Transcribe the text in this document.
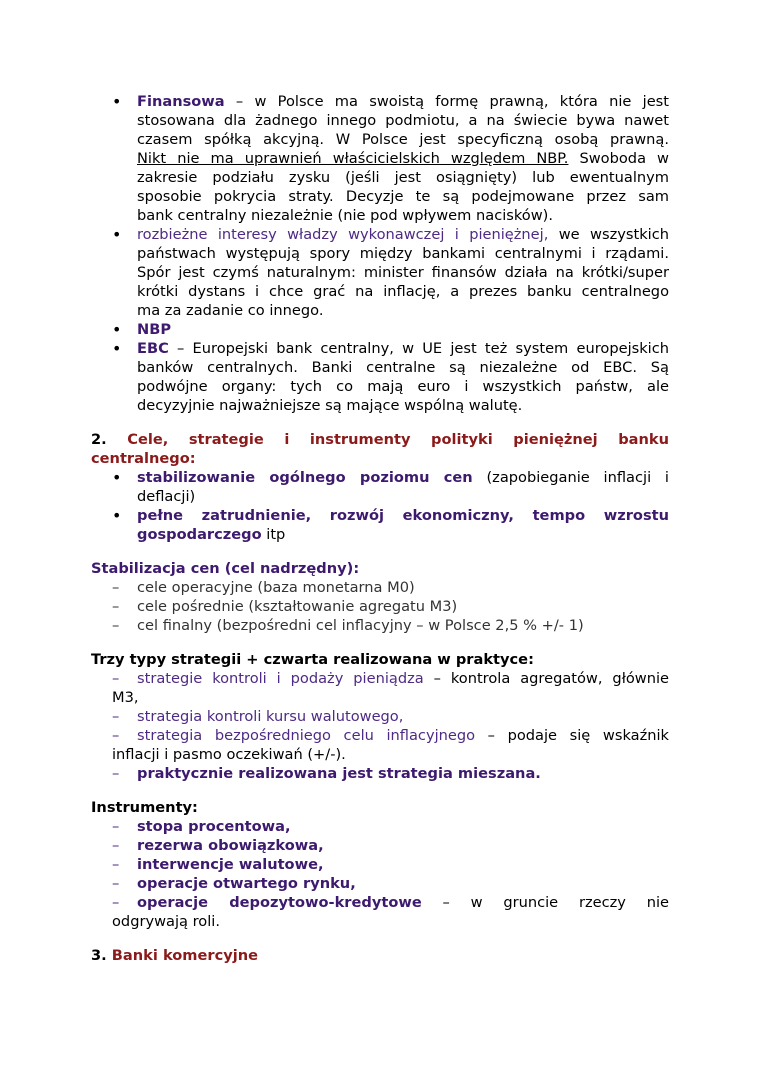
• Finansowa – w Polsce ma swoistą formę prawną, która nie jest
stosowana dla żadnego innego podmiotu, a na świecie bywa nawet
czasem spółką akcyjną. W Polsce jest specyficzną osobą prawną.
Nikt nie ma uprawnień właścicielskich względem NBP. Swoboda w
zakresie podziału zysku (jeśli jest osiągnięty) lub ewentualnym
sposobie pokrycia straty. Decyzje te są podejmowane przez sam
bank centralny niezależnie (nie pod wpływem nacisków).
• rozbieżne interesy władzy wykonawczej i pieniężnej, we wszystkich
państwach występują spory między bankami centralnymi i rządami.
Spór jest czymś naturalnym: minister finansów działa na krótki/super
krótki dystans i chce grać na inflację, a prezes banku centralnego
ma za zadanie co innego.
• NBP
• EBC – Europejski bank centralny, w UE jest też system europejskich
banków centralnych. Banki centralne są niezależne od EBC. Są
podwójne organy: tych co mają euro i wszystkich państw, ale
decyzyjnie najważniejsze są mające wspólną walutę.
2. Cele, strategie i instrumenty polityki pieniężnej banku
centralnego:
• stabilizowanie ogólnego poziomu cen (zapobieganie inflacji i
deflacji)
• pełne zatrudnienie, rozwój ekonomiczny, tempo wzrostu
gospodarczego itp
Stabilizacja cen (cel nadrzędny):
– cele operacyjne (baza monetarna M0)
– cele pośrednie (kształtowanie agregatu M3)
– cel finalny (bezpośredni cel inflacyjny – w Polsce 2,5 % +/- 1)
Trzy typy strategii + czwarta realizowana w praktyce:
– strategie kontroli i podaży pieniądza – kontrola agregatów, głównie
M3,
– strategia kontroli kursu walutowego,
– strategia bezpośredniego celu inflacyjnego – podaje się wskaźnik
inflacji i pasmo oczekiwań (+/-).
– praktycznie realizowana jest strategia mieszana.
Instrumenty:
– stopa procentowa,
– rezerwa obowiązkowa,
– interwencje walutowe,
– operacje otwartego rynku,
– operacje depozytowo-kredytowe – w gruncie rzeczy nie
odgrywają roli.
3. Banki komercyjne
